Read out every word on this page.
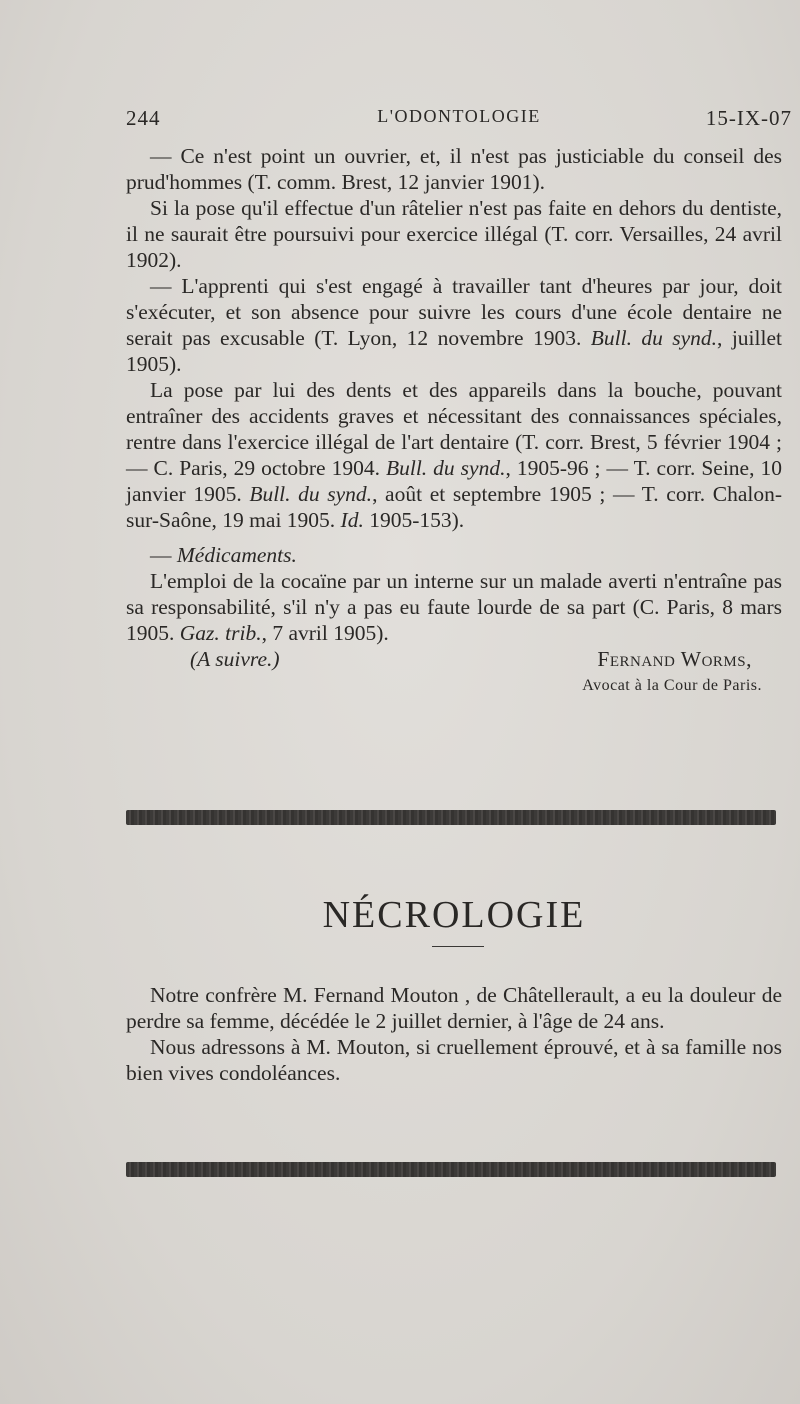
244	L'ODONTOLOGIE	15-IX-07

— Ce n'est point un ouvrier, et, il n'est pas justiciable du conseil des prud'hommes (T. comm. Brest, 12 janvier 1901).

Si la pose qu'il effectue d'un râtelier n'est pas faite en dehors du dentiste, il ne saurait être poursuivi pour exercice illégal (T. corr. Versailles, 24 avril 1902).

— L'apprenti qui s'est engagé à travailler tant d'heures par jour, doit s'exécuter, et son absence pour suivre les cours d'une école dentaire ne serait pas excusable (T. Lyon, 12 novembre 1903. Bull. du synd., juillet 1905).

La pose par lui des dents et des appareils dans la bouche, pouvant entraîner des accidents graves et nécessitant des connaissances spéciales, rentre dans l'exercice illégal de l'art dentaire (T. corr. Brest, 5 février 1904 ; — C. Paris, 29 octobre 1904. Bull. du synd., 1905-96 ; — T. corr. Seine, 10 janvier 1905. Bull. du synd., août et septembre 1905 ; — T. corr. Chalon-sur-Saône, 19 mai 1905. Id. 1905-153).

— Médicaments.

L'emploi de la cocaïne par un interne sur un malade averti n'entraîne pas sa responsabilité, s'il n'y a pas eu faute lourde de sa part (C. Paris, 8 mars 1905. Gaz. trib., 7 avril 1905).

(A suivre.)	Fernand Worms,
Avocat à la Cour de Paris.
NÉCROLOGIE

Notre confrère M. Fernand Mouton , de Châtellerault, a eu la douleur de perdre sa femme, décédée le 2 juillet dernier, à l'âge de 24 ans.

Nous adressons à M. Mouton, si cruellement éprouvé, et à sa famille nos bien vives condoléances.
